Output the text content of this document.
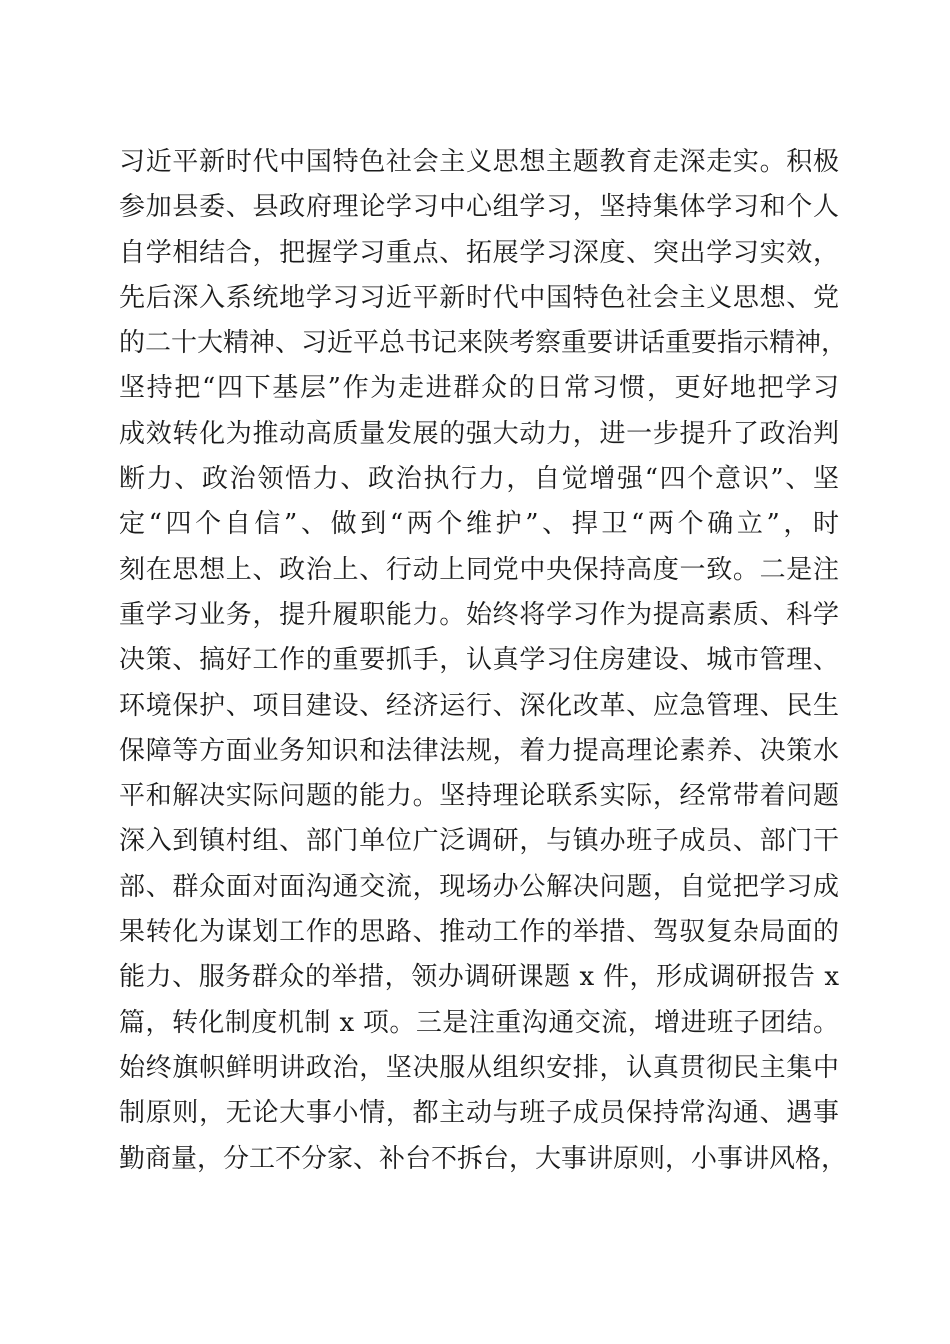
习近平新时代中国特色社会主义思想主题教育走深走实。积极
参加县委、县政府理论学习中心组学习，坚持集体学习和个人
自学相结合，把握学习重点、拓展学习深度、突出学习实效，
先后深入系统地学习习近平新时代中国特色社会主义思想、党
的二十大精神、习近平总书记来陕考察重要讲话重要指示精神，
坚持把“四下基层”作为走进群众的日常习惯，更好地把学习
成效转化为推动高质量发展的强大动力，进一步提升了政治判
断力、政治领悟力、政治执行力，自觉增强“四个意识”、坚
定“四个自信”、做到“两个维护”、捍卫“两个确立”，时
刻在思想上、政治上、行动上同党中央保持高度一致。二是注
重学习业务，提升履职能力。始终将学习作为提高素质、科学
决策、搞好工作的重要抓手，认真学习住房建设、城市管理、
环境保护、项目建设、经济运行、深化改革、应急管理、民生
保障等方面业务知识和法律法规，着力提高理论素养、决策水
平和解决实际问题的能力。坚持理论联系实际，经常带着问题
深入到镇村组、部门单位广泛调研，与镇办班子成员、部门干
部、群众面对面沟通交流，现场办公解决问题，自觉把学习成
果转化为谋划工作的思路、推动工作的举措、驾驭复杂局面的
能力、服务群众的举措，领办调研课题 x 件，形成调研报告 x
篇，转化制度机制 x 项。三是注重沟通交流，增进班子团结。
始终旗帜鲜明讲政治，坚决服从组织安排，认真贯彻民主集中
制原则，无论大事小情，都主动与班子成员保持常沟通、遇事
勤商量，分工不分家、补台不拆台，大事讲原则，小事讲风格，
